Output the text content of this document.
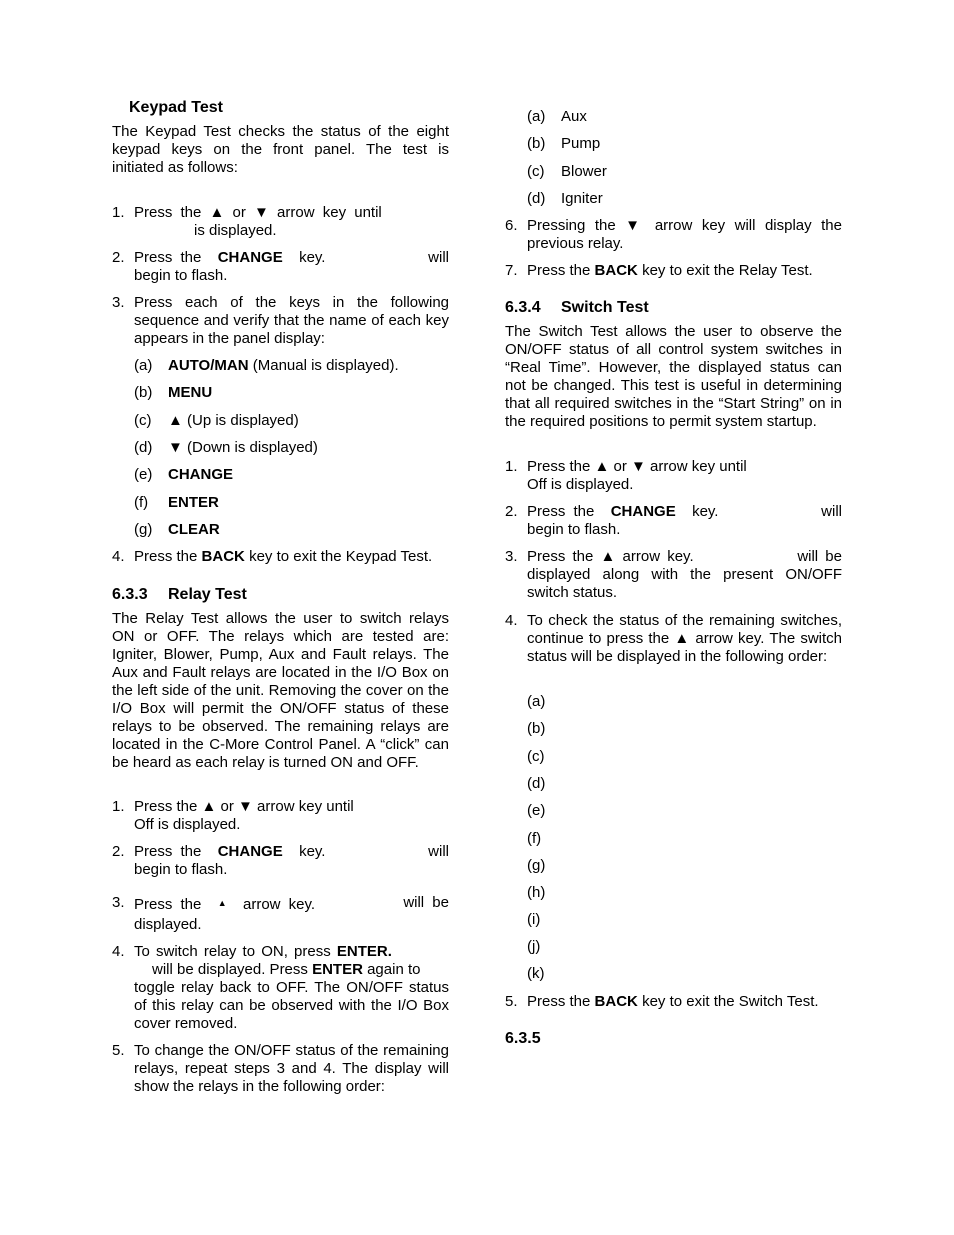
Keypad Test
The Keypad Test checks the status of the eight keypad keys on the front panel. The test is initiated as follows:
1. Press the ▲ or ▼ arrow key until
is displayed.
2. Press the CHANGE key.	will
begin to flash.
3. Press each of the keys in the following sequence and verify that the name of each key appears in the panel display:
(a) AUTO/MAN (Manual is displayed).
(b) MENU
(c) ▲ (Up is displayed)
(d) ▼ (Down is displayed)
(e) CHANGE
(f) ENTER
(g) CLEAR
4. Press the BACK key to exit the Keypad Test.
6.3.3 Relay Test
The Relay Test allows the user to switch relays ON or OFF. The relays which are tested are: Igniter, Blower, Pump, Aux and Fault relays. The Aux and Fault relays are located in the I/O Box on the left side of the unit. Removing the cover on the I/O Box will permit the ON/OFF status of these relays to be observed. The remaining relays are located in the C-More Control Panel. A “click” can be heard as each relay is turned ON and OFF.
1. Press the ▲ or ▼ arrow key until
Off is displayed.
2. Press the CHANGE key.	will
begin to flash.
3. Press the ▲ arrow key.	will be
displayed.
4. To switch relay to ON, press ENTER.
will be displayed. Press ENTER again to
toggle relay back to OFF. The ON/OFF status of this relay can be observed with the I/O Box cover removed.
5. To change the ON/OFF status of the remaining relays, repeat steps 3 and 4. The display will show the relays in the following order:
(a) Aux
(b) Pump
(c) Blower
(d) Igniter
6. Pressing the ▼ arrow key will display the previous relay.
7. Press the BACK key to exit the Relay Test.
6.3.4 Switch Test
The Switch Test allows the user to observe the ON/OFF status of all control system switches in “Real Time”. However, the displayed status can not be changed. This test is useful in determining that all required switches in the “Start String” on in the required positions to permit system startup.
1. Press the ▲ or ▼ arrow key until
Off is displayed.
2. Press the CHANGE key.	will
begin to flash.
3. Press the ▲ arrow key.	will be
displayed along with the present ON/OFF switch status.
4. To check the status of the remaining switches, continue to press the ▲ arrow key. The switch status will be displayed in the following order:
(a)
(b)
(c)
(d)
(e)
(f)
(g)
(h)
(i)
(j)
(k)
5. Press the BACK key to exit the Switch Test.
6.3.5
